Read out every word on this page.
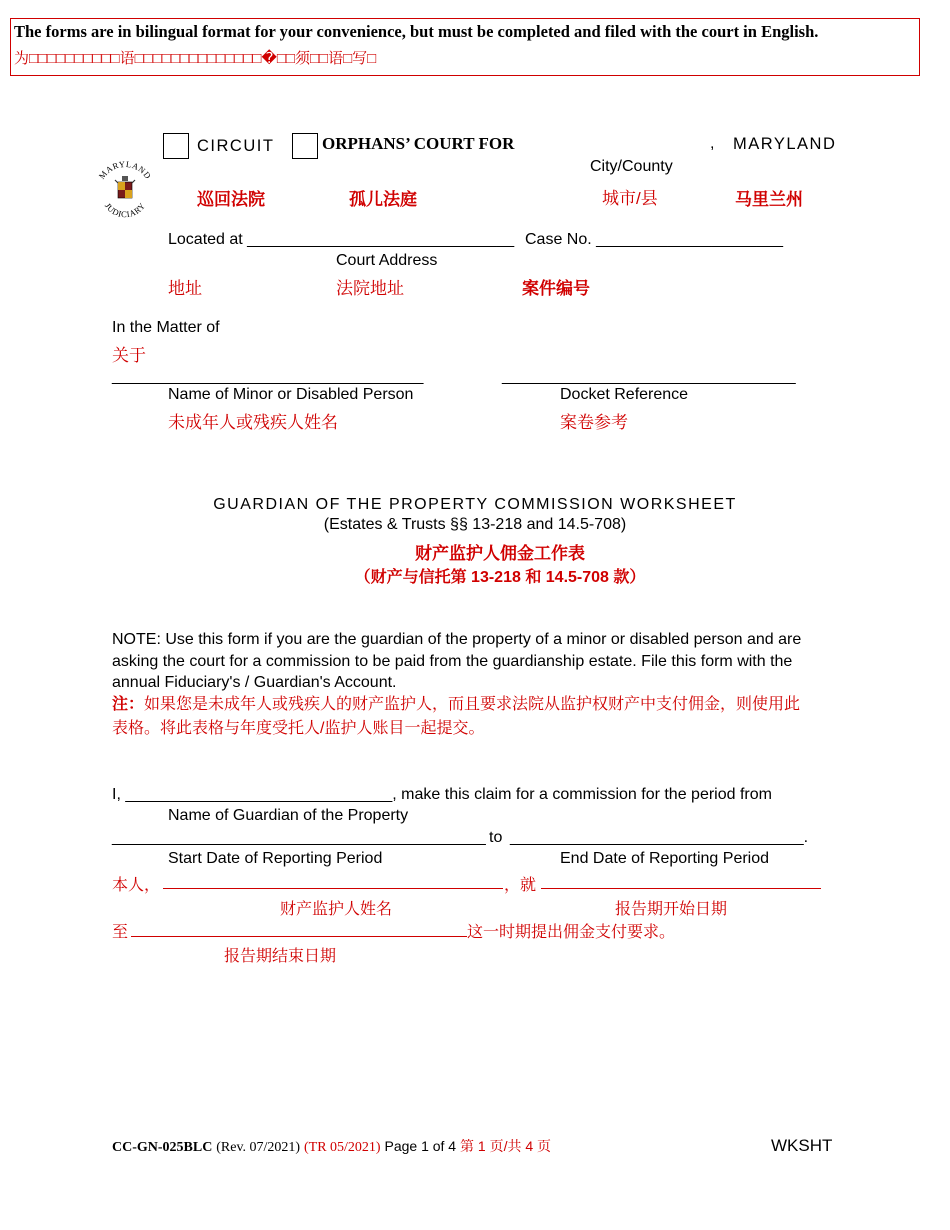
The forms are in bilingual format for your convenience, but must be completed and filed with the court in English.
为□□□□□□□□□□语□□□□□□□□□□□□□□�□□须□□语□写□
MARYLAND
JUDICIARY
CIRCUIT	ORPHANS’ COURT FOR	, MARYLAND
City/County
巡回法院	孤儿法庭	城市/县	马里兰州
Located at ______________________________ Case No. _____________________
Court Address
地址	法院地址	案件编号
In the Matter of
关于
___________________________________	_________________________________
Name of Minor or Disabled Person	Docket Reference
未成年人或残疾人姓名	案卷参考
GUARDIAN OF THE PROPERTY COMMISSION WORKSHEET
(Estates & Trusts §§ 13-218 and 14.5-708)
财产监护人佣金工作表
（财产与信托第 13-218 和 14.5-708 款）
NOTE: Use this form if you are the guardian of the property of a minor or disabled person and are asking the court for a commission to be paid from the guardianship estate. File this form with the annual Fiduciary's / Guardian's Account.
注：如果您是未成年人或残疾人的财产监护人，而且要求法院从监护权财产中支付佣金，则使用此表格。将此表格与年度受托人/监护人账目一起提交。
I, ______________________________, make this claim for a commission for the period from
Name of Guardian of the Property
__________________________________________ to _________________________________.
Start Date of Reporting Period	End Date of Reporting Period
本人，	，就
财产监护人姓名	报告期开始日期
至	这一时期提出佣金支付要求。
报告期结束日期
CC-GN-025BLC (Rev. 07/2021) (TR 05/2021) Page 1 of 4 第 1 页/共 4 页	WKSHT
